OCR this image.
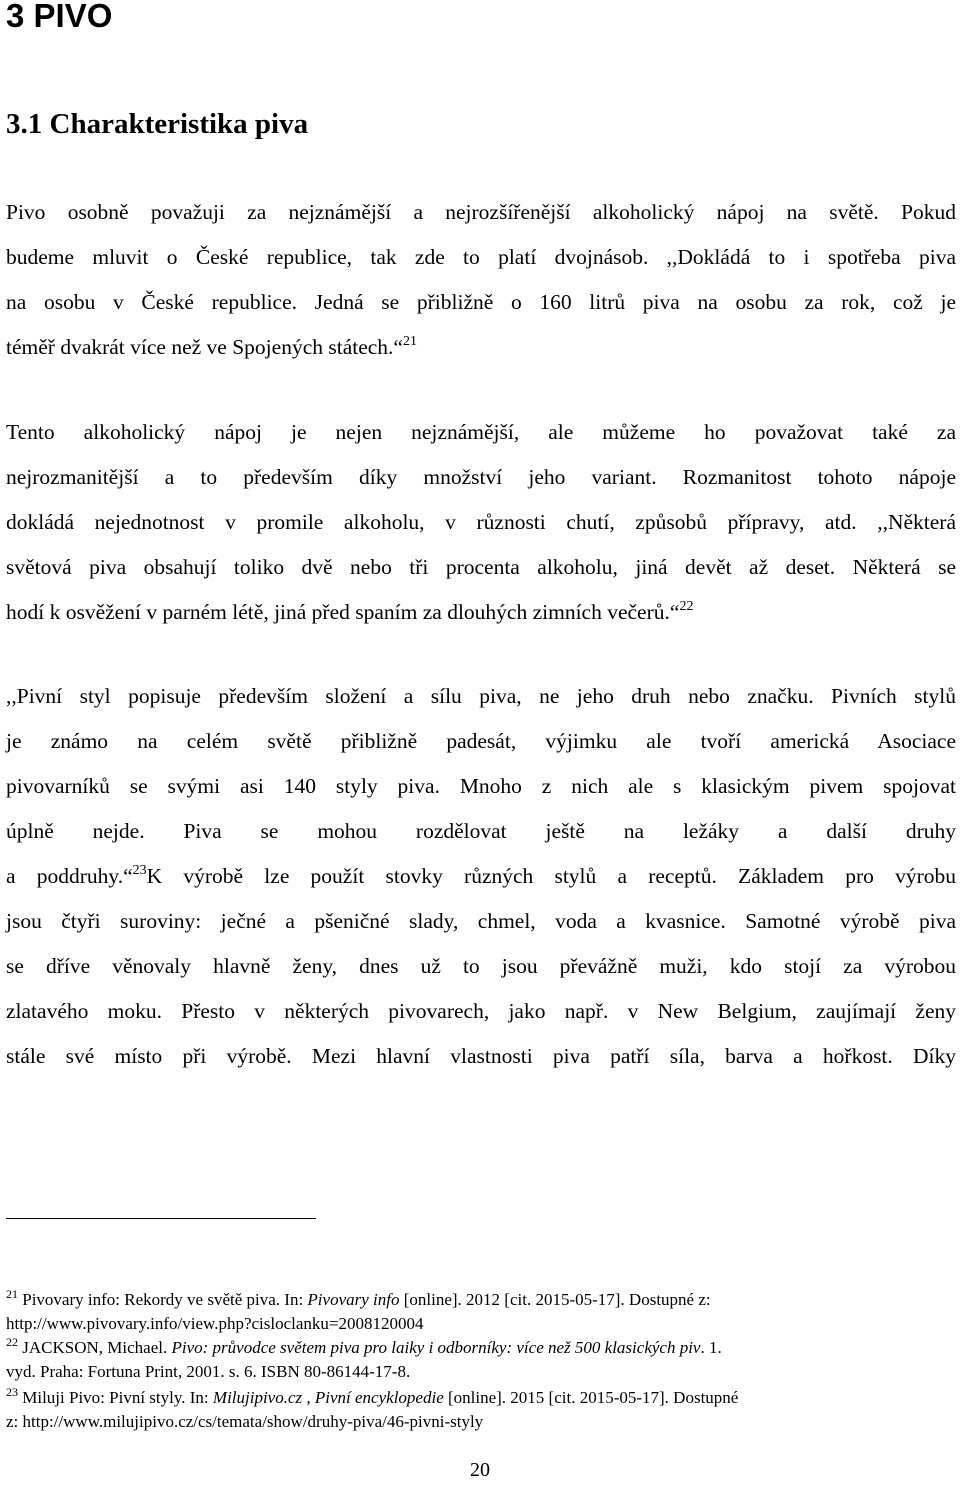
3 PIVO
3.1 Charakteristika piva
Pivo osobně považuji za nejznámější a nejrozšířenější alkoholický nápoj na světě. Pokud
budeme mluvit o České republice, tak zde to platí dvojnásob. ,,Dokládá to i spotřeba piva
na osobu v České republice. Jedná se přibližně o 160 litrů piva na osobu za rok, což je
téměř dvakrát více než ve Spojených státech.“$^{21}$
Tento alkoholický nápoj je nejen nejznámější, ale můžeme ho považovat také za
nejrozmanitější a to především díky množství jeho variant. Rozmanitost tohoto nápoje
dokládá nejednotnost v promile alkoholu, v různosti chutí, způsobů přípravy, atd. ,,Některá
světová piva obsahují toliko dvě nebo tři procenta alkoholu, jiná devět až deset. Některá se
hodí k osvěžení v parném létě, jiná před spaním za dlouhých zimních večerů.“$^{22}$
,,Pivní styl popisuje především složení a sílu piva, ne jeho druh nebo značku. Pivních stylů
je známo na celém světě přibližně padesát, výjimku ale tvoří americká Asociace
pivovarníků se svými asi 140 styly piva. Mnoho z nich ale s klasickým pivem spojovat
úplně nejde. Piva se mohou rozdělovat ještě na ležáky a další druhy
a poddruhy.“$^{23}$K výrobě lze použít stovky různých stylů a receptů. Základem pro výrobu
jsou čtyři suroviny: ječné a pšeničné slady, chmel, voda a kvasnice. Samotné výrobě piva
se dříve věnovaly hlavně ženy, dnes už to jsou převážně muži, kdo stojí za výrobou
zlatavého moku. Přesto v některých pivovarech, jako např. v New Belgium, zaujímají ženy
stále své místo při výrobě. Mezi hlavní vlastnosti piva patří síla, barva a hořkost. Díky
$^{21}$ Pivovary info: Rekordy ve světě piva. In: Pivovary info [online]. 2012 [cit. 2015-05-17]. Dostupné z:
http://www.pivovary.info/view.php?cisloclanku=2008120004
$^{22}$ JACKSON, Michael. Pivo: průvodce světem piva pro laiky i odborníky: více než 500 klasických piv. 1.
vyd. Praha: Fortuna Print, 2001. s. 6. ISBN 80-86144-17-8.
$^{23}$ Miluji Pivo: Pivní styly. In: Milujipivo.cz , Pivní encyklopedie [online]. 2015 [cit. 2015-05-17]. Dostupné
z: http://www.milujipivo.cz/cs/temata/show/druhy-piva/46-pivni-styly
20
